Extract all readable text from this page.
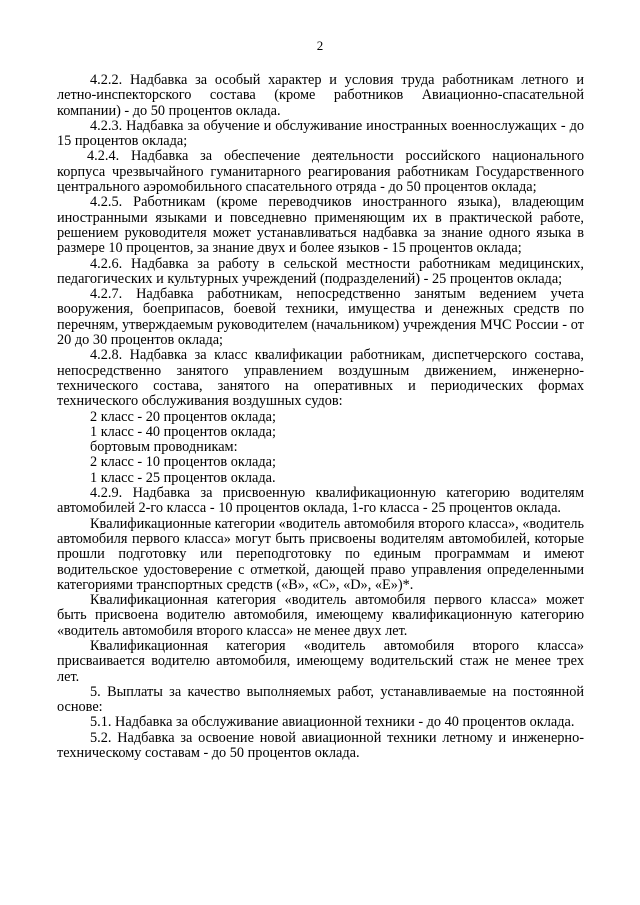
2

4.2.2. Надбавка за особый характер и условия труда работникам летного и летно-инспекторского состава (кроме работников Авиационно-спасательной компании) - до 50 процентов оклада.

4.2.3. Надбавка за обучение и обслуживание иностранных военнослужащих - до 15 процентов оклада;

4.2.4. Надбавка за обеспечение деятельности российского национального корпуса чрезвычайного гуманитарного реагирования работникам Государственного центрального аэромобильного спасательного отряда - до 50 процентов оклада;

4.2.5. Работникам (кроме переводчиков иностранного языка), владеющим иностранными языками и повседневно применяющим их в практической работе, решением руководителя может устанавливаться надбавка за знание одного языка в размере 10 процентов, за знание двух и более языков - 15 процентов оклада;

4.2.6. Надбавка за работу в сельской местности работникам медицинских, педагогических и культурных учреждений (подразделений) - 25 процентов оклада;

4.2.7. Надбавка работникам, непосредственно занятым ведением учета вооружения, боеприпасов, боевой техники, имущества и денежных средств по перечням, утверждаемым руководителем (начальником) учреждения МЧС России - от 20 до 30 процентов оклада;

4.2.8. Надбавка за класс квалификации работникам, диспетчерского состава, непосредственно занятого управлением воздушным движением, инженерно-технического состава, занятого на оперативных и периодических формах технического обслуживания воздушных судов:

2 класс - 20 процентов оклада;

1 класс - 40 процентов оклада;

бортовым проводникам:

2 класс - 10 процентов оклада;

1 класс - 25 процентов оклада.

4.2.9. Надбавка за присвоенную квалификационную категорию водителям автомобилей 2-го класса - 10 процентов оклада, 1-го класса - 25 процентов оклада.

Квалификационные категории «водитель автомобиля второго класса», «водитель автомобиля первого класса» могут быть присвоены водителям автомобилей, которые прошли подготовку или переподготовку по единым программам и имеют водительское удостоверение с отметкой, дающей право управления определенными категориями транспортных средств («В», «С», «D», «Е»)*.

Квалификационная категория «водитель автомобиля первого класса» может быть присвоена водителю автомобиля, имеющему квалификационную категорию «водитель автомобиля второго класса» не менее двух лет.

Квалификационная категория «водитель автомобиля второго класса» присваивается водителю автомобиля, имеющему водительский стаж не менее трех лет.

5. Выплаты за качество выполняемых работ, устанавливаемые на постоянной основе:

5.1. Надбавка за обслуживание авиационной техники - до 40 процентов оклада.

5.2. Надбавка за освоение новой авиационной техники летному и инженерно-техническому составам - до 50 процентов оклада.
